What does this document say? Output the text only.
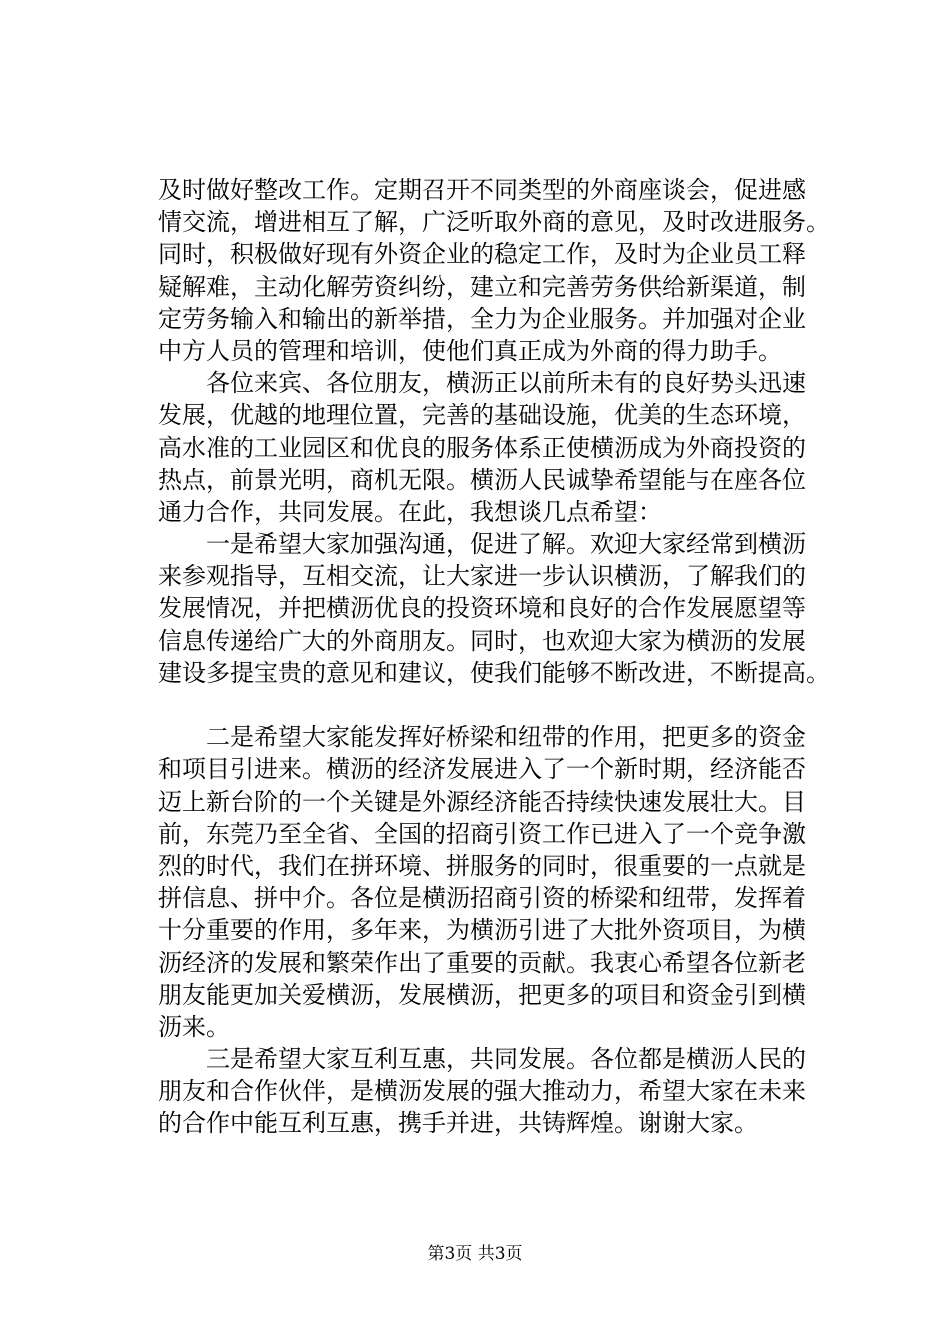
及时做好整改工作。定期召开不同类型的外商座谈会，促进感
情交流，增进相互了解，广泛听取外商的意见，及时改进服务。
同时，积极做好现有外资企业的稳定工作，及时为企业员工释
疑解难，主动化解劳资纠纷，建立和完善劳务供给新渠道，制
定劳务输入和输出的新举措，全力为企业服务。并加强对企业
中方人员的管理和培训，使他们真正成为外商的得力助手。
　　各位来宾、各位朋友，横沥正以前所未有的良好势头迅速
发展，优越的地理位置，完善的基础设施，优美的生态环境，
高水准的工业园区和优良的服务体系正使横沥成为外商投资的
热点，前景光明，商机无限。横沥人民诚挚希望能与在座各位
通力合作，共同发展。在此，我想谈几点希望：
　　一是希望大家加强沟通，促进了解。欢迎大家经常到横沥
来参观指导，互相交流，让大家进一步认识横沥，了解我们的
发展情况，并把横沥优良的投资环境和良好的合作发展愿望等
信息传递给广大的外商朋友。同时，也欢迎大家为横沥的发展
建设多提宝贵的意见和建议，使我们能够不断改进，不断提高。
　　二是希望大家能发挥好桥梁和纽带的作用，把更多的资金
和项目引进来。横沥的经济发展进入了一个新时期，经济能否
迈上新台阶的一个关键是外源经济能否持续快速发展壮大。目
前，东莞乃至全省、全国的招商引资工作已进入了一个竞争激
烈的时代，我们在拼环境、拼服务的同时，很重要的一点就是
拼信息、拼中介。各位是横沥招商引资的桥梁和纽带，发挥着
十分重要的作用，多年来，为横沥引进了大批外资项目，为横
沥经济的发展和繁荣作出了重要的贡献。我衷心希望各位新老
朋友能更加关爱横沥，发展横沥，把更多的项目和资金引到横
沥来。
　　三是希望大家互利互惠，共同发展。各位都是横沥人民的
朋友和合作伙伴，是横沥发展的强大推动力，希望大家在未来
的合作中能互利互惠，携手并进，共铸辉煌。谢谢大家。
第3页 共3页
